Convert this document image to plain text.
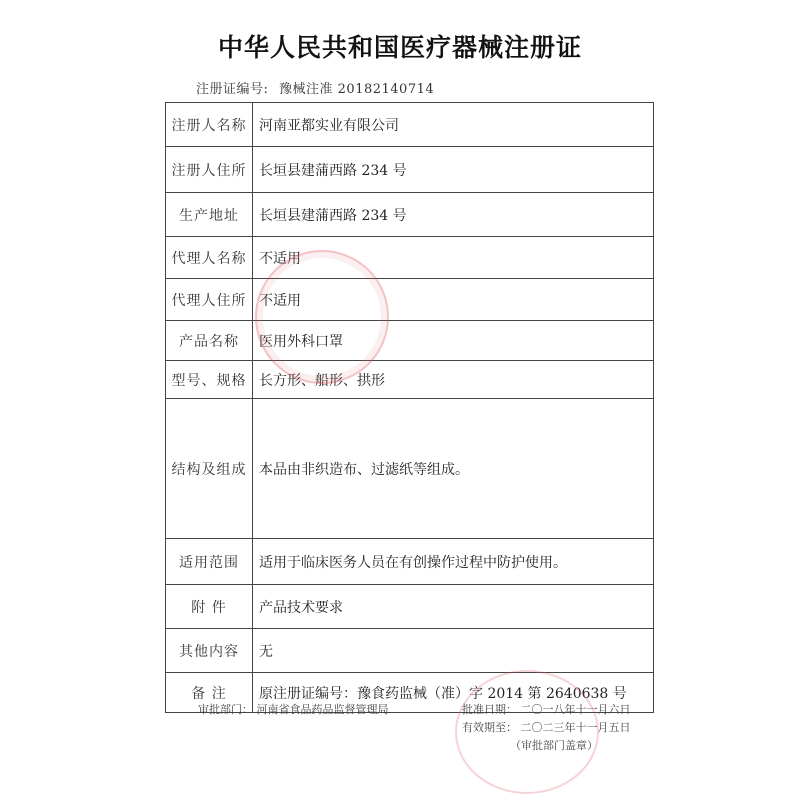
中华人民共和国医疗器械注册证
注册证编号: 豫械注准 20182140714
注册人名称	河南亚都实业有限公司
注册人住所	长垣县建蒲西路 234 号
生产地址	长垣县建蒲西路 234 号
代理人名称	不适用
代理人住所	不适用
产品名称	医用外科口罩
型号、规格	长方形、船形、拱形
结构及组成	本品由非织造布、过滤纸等组成。
适用范围	适用于临床医务人员在有创操作过程中防护使用。
附 件	产品技术要求
其他内容	无
备 注	原注册证编号：豫食药监械（准）字 2014 第 2640638 号
审批部门： 河南省食品药品监督管理局	批准日期： 二〇一八年十一月六日
有效期至： 二〇二三年十一月五日
（审批部门盖章）
